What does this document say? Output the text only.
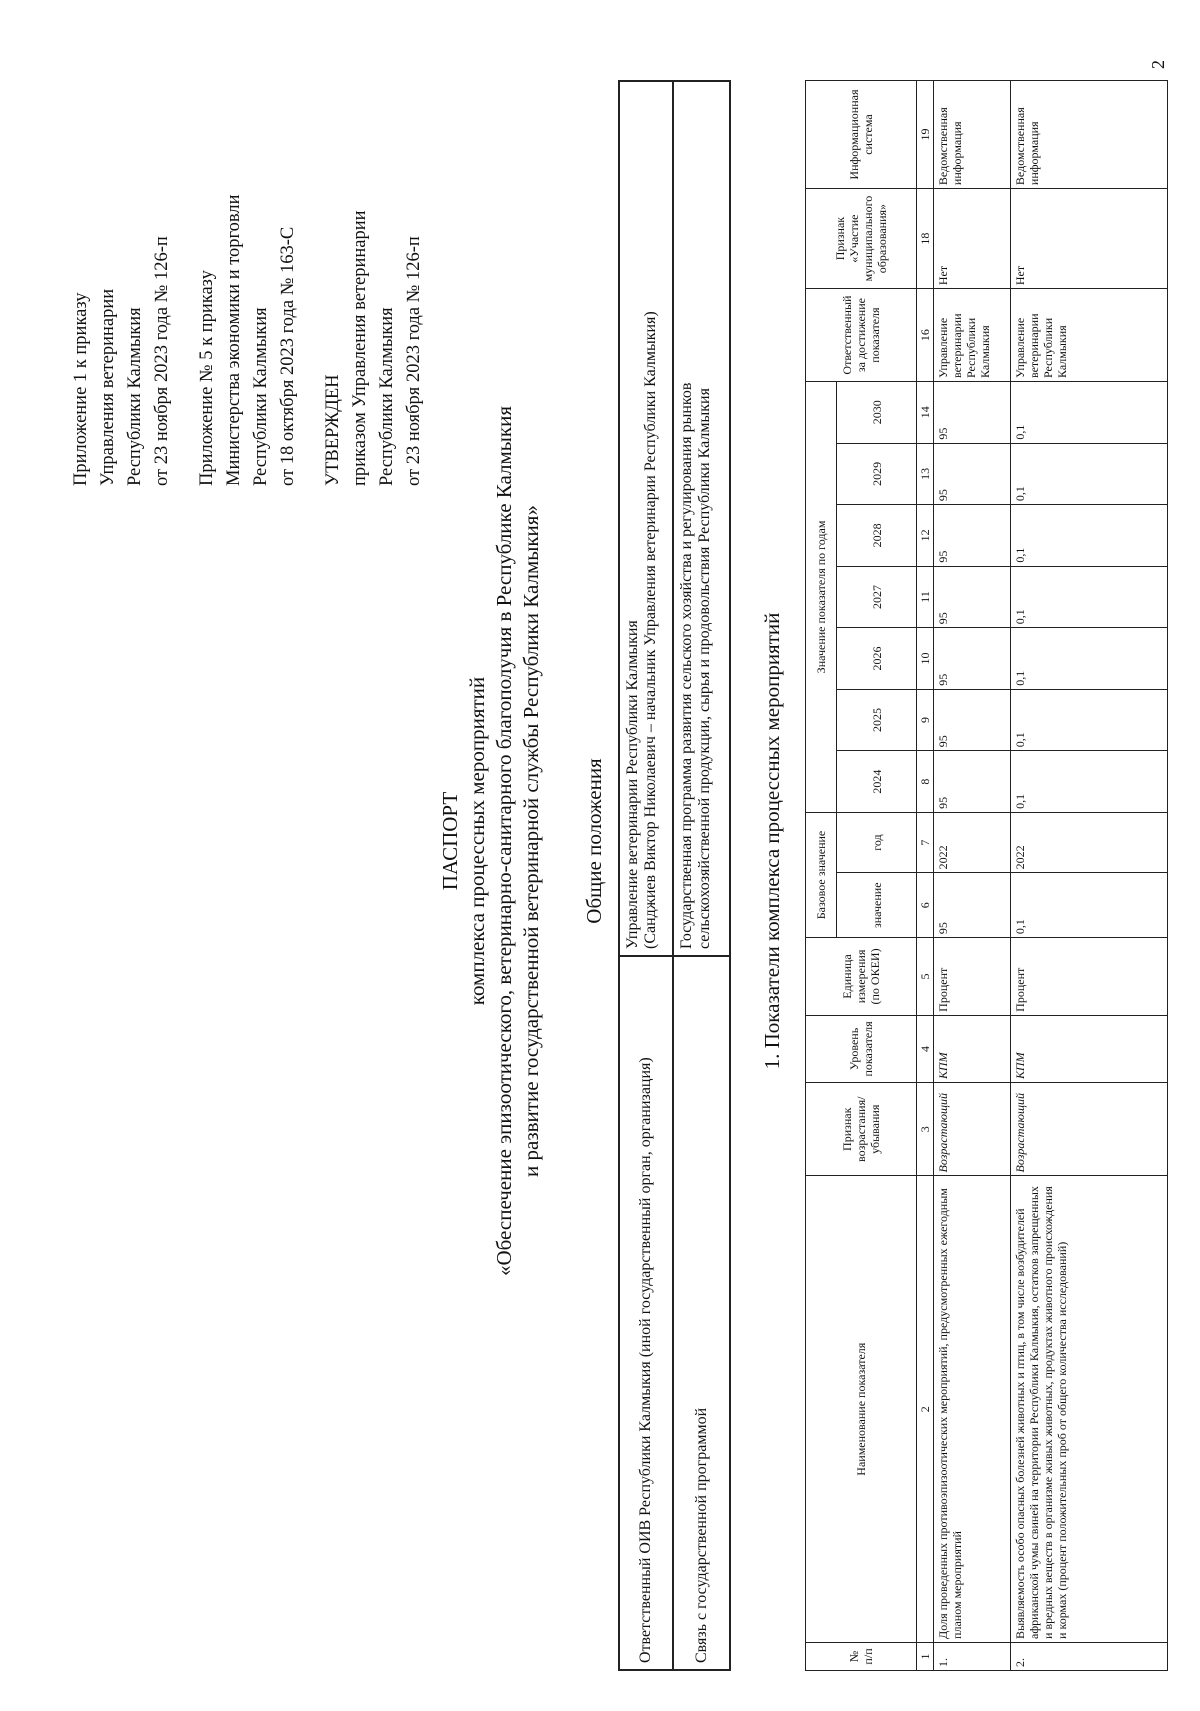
2
Приложение 1 к приказу Управления ветеринарии Республики Калмыкия от 23 ноября 2023 года № 126-п Приложение № 5 к приказу Министерства экономики и торговли Республики Калмыкия от 18 октября 2023 года № 163-С УТВЕРЖДЕН приказом Управления ветеринарии Республики Калмыкия от 23 ноября 2023 года № 126-п
ПАСПОРТ комплекса процессных мероприятий «Обеспечение эпизоотического, ветеринарно-санитарного благополучия в Республике Калмыкия и развитие государственной ветеринарной службы Республики Калмыкия» Общие положения
Ответственный ОИВ Республики Калмыкия (иной государственный орган, организация)	Управление ветеринарии Республики Калмыкия (Санджиев Виктор Николаевич – начальник Управления ветеринарии Республики Калмыкия)

Связь с государственной программой	Государственная программа развития сельского хозяйства и регулирования рынков сельскохозяйственной продукции, сырья и продовольствия Республики Калмыкия 1. Показатели комплекса процессных мероприятий
№ п/п	Наименование показателя	Признак возрастания/ убывания	Уровень показателя	Единица измерения (по ОКЕИ)	Базовое значение		Значение показателя по годам							Ответственный за достижение показателя	Признак «Участие муниципального образования»	Информационная система
					значение	год	2024	2025	2026	2027	2028	2029	2030			
1	2	3	4	5	6	7	8	9	10	11	12	13	14	16	18	19
1.	Доля проведенных противоэпизоотических мероприятий, предусмотренных ежегодным планом мероприятий	Возрастающий	КПМ	Процент	95	2022	95	95	95	95	95	95	95	Управление ветеринарии Республики Калмыкия	Нет	Ведомственная информация
2.	Выявляемость особо опасных болезней животных и птиц, в том числе возбудителей африканской чумы свиней на территории Республики Калмыкия, остатков запрещенных и вредных веществ в организме живых животных, продуктах животного происхождения и кормах (процент положительных проб от общего количества исследований)	Возрастающий	КПМ	Процент	0,1	2022	0,1	0,1	0,1	0,1	0,1	0,1	0,1	Управление ветеринарии Республики Калмыкия	Нет	Ведомственная информация
